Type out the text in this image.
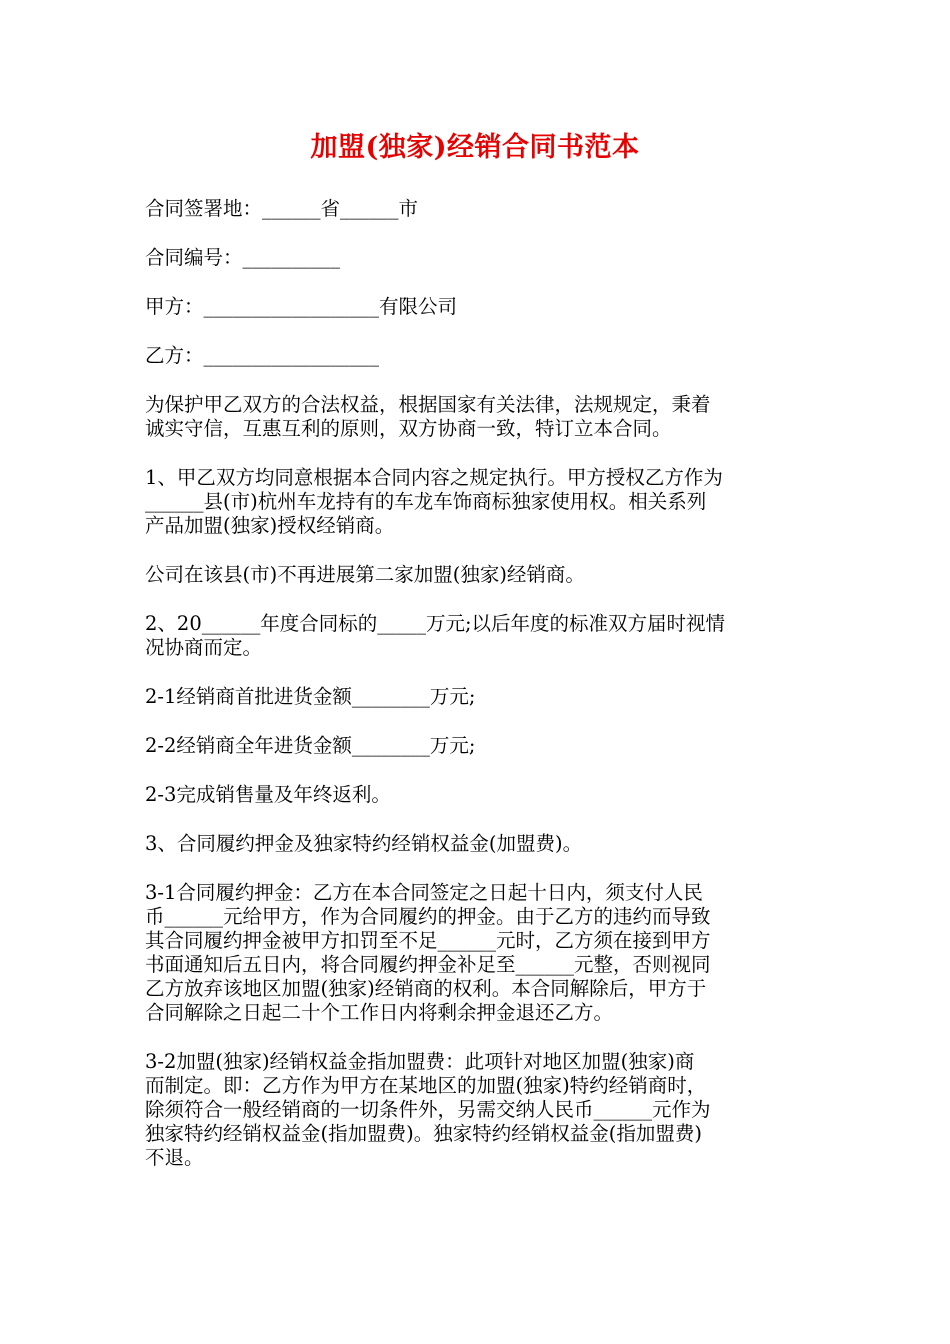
加盟(独家)经销合同书范本
合同签署地：______省______市
合同编号：__________
甲方：__________________有限公司
乙方：__________________
为保护甲乙双方的合法权益，根据国家有关法律，法规规定，秉着
诚实守信，互惠互利的原则，双方协商一致，特订立本合同。
1、甲乙双方均同意根据本合同内容之规定执行。甲方授权乙方作为
______县(市)杭州车龙持有的车龙车饰商标独家使用权。相关系列
产品加盟(独家)授权经销商。
公司在该县(市)不再进展第二家加盟(独家)经销商。
2、20______年度合同标的_____万元;以后年度的标准双方届时视情
况协商而定。
2-1经销商首批进货金额________万元;
2-2经销商全年进货金额________万元;
2-3完成销售量及年终返利。
3、合同履约押金及独家特约经销权益金(加盟费)。
3-1合同履约押金：乙方在本合同签定之日起十日内，须支付人民
币______元给甲方，作为合同履约的押金。由于乙方的违约而导致
其合同履约押金被甲方扣罚至不足______元时，乙方须在接到甲方
书面通知后五日内，将合同履约押金补足至______元整，否则视同
乙方放弃该地区加盟(独家)经销商的权利。本合同解除后，甲方于
合同解除之日起二十个工作日内将剩余押金退还乙方。
3-2加盟(独家)经销权益金指加盟费：此项针对地区加盟(独家)商
而制定。即：乙方作为甲方在某地区的加盟(独家)特约经销商时，
除须符合一般经销商的一切条件外，另需交纳人民币______元作为
独家特约经销权益金(指加盟费)。独家特约经销权益金(指加盟费)
不退。
